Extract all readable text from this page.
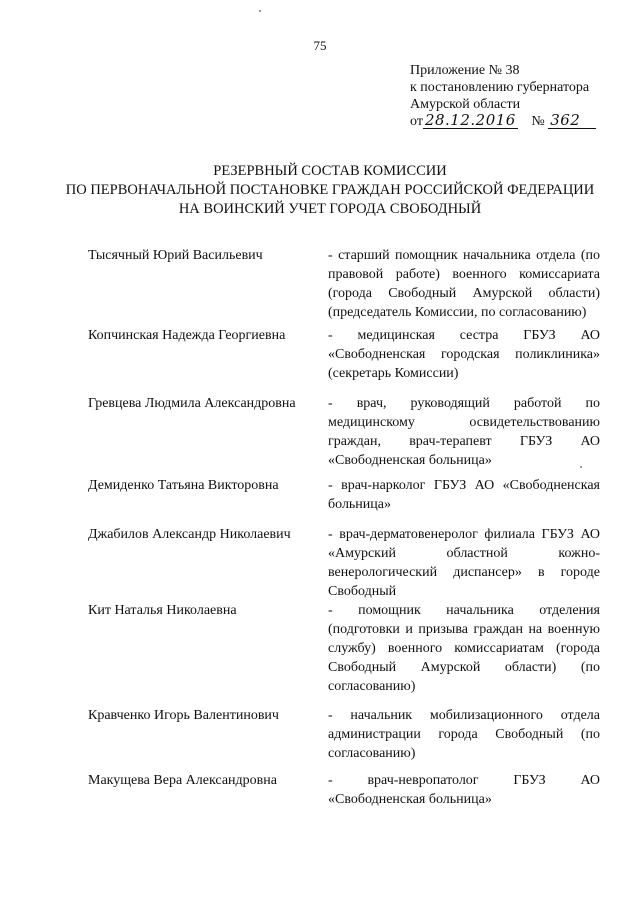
75
Приложение № 38
к постановлению губернатора
Амурской области
от 28.12.2016 № 362
РЕЗЕРВНЫЙ СОСТАВ КОМИССИИ
ПО ПЕРВОНАЧАЛЬНОЙ ПОСТАНОВКЕ ГРАЖДАН РОССИЙСКОЙ ФЕДЕРАЦИИ
НА ВОИНСКИЙ УЧЕТ ГОРОДА СВОБОДНЫЙ
Тысячный Юрий Васильевич	- старший помощник начальника отдела (по правовой работе) военного комиссариата (города Свободный Амурской области) (председатель Комиссии, по согласованию)
Копчинская Надежда Георгиевна	- медицинская сестра ГБУЗ АО «Свободненская городская поликлиника» (секретарь Комиссии)
Гревцева Людмила Александровна	- врач, руководящий работой по медицинскому освидетельствованию граждан, врач-терапевт ГБУЗ АО «Свободненская больница»
Демиденко Татьяна Викторовна	- врач-нарколог ГБУЗ АО «Свободненская больница»
Джабилов Александр Николаевич	- врач-дерматовенеролог филиала ГБУЗ АО «Амурский областной кожно-венерологический диспансер» в городе Свободный
Кит Наталья Николаевна	- помощник начальника отделения (подготовки и призыва граждан на военную службу) военного комиссариатам (города Свободный Амурской области) (по согласованию)
Кравченко Игорь Валентинович	- начальник мобилизационного отдела администрации города Свободный (по согласованию)
Макущева Вера Александровна	- врач-невропатолог ГБУЗ АО «Свободненская больница»
